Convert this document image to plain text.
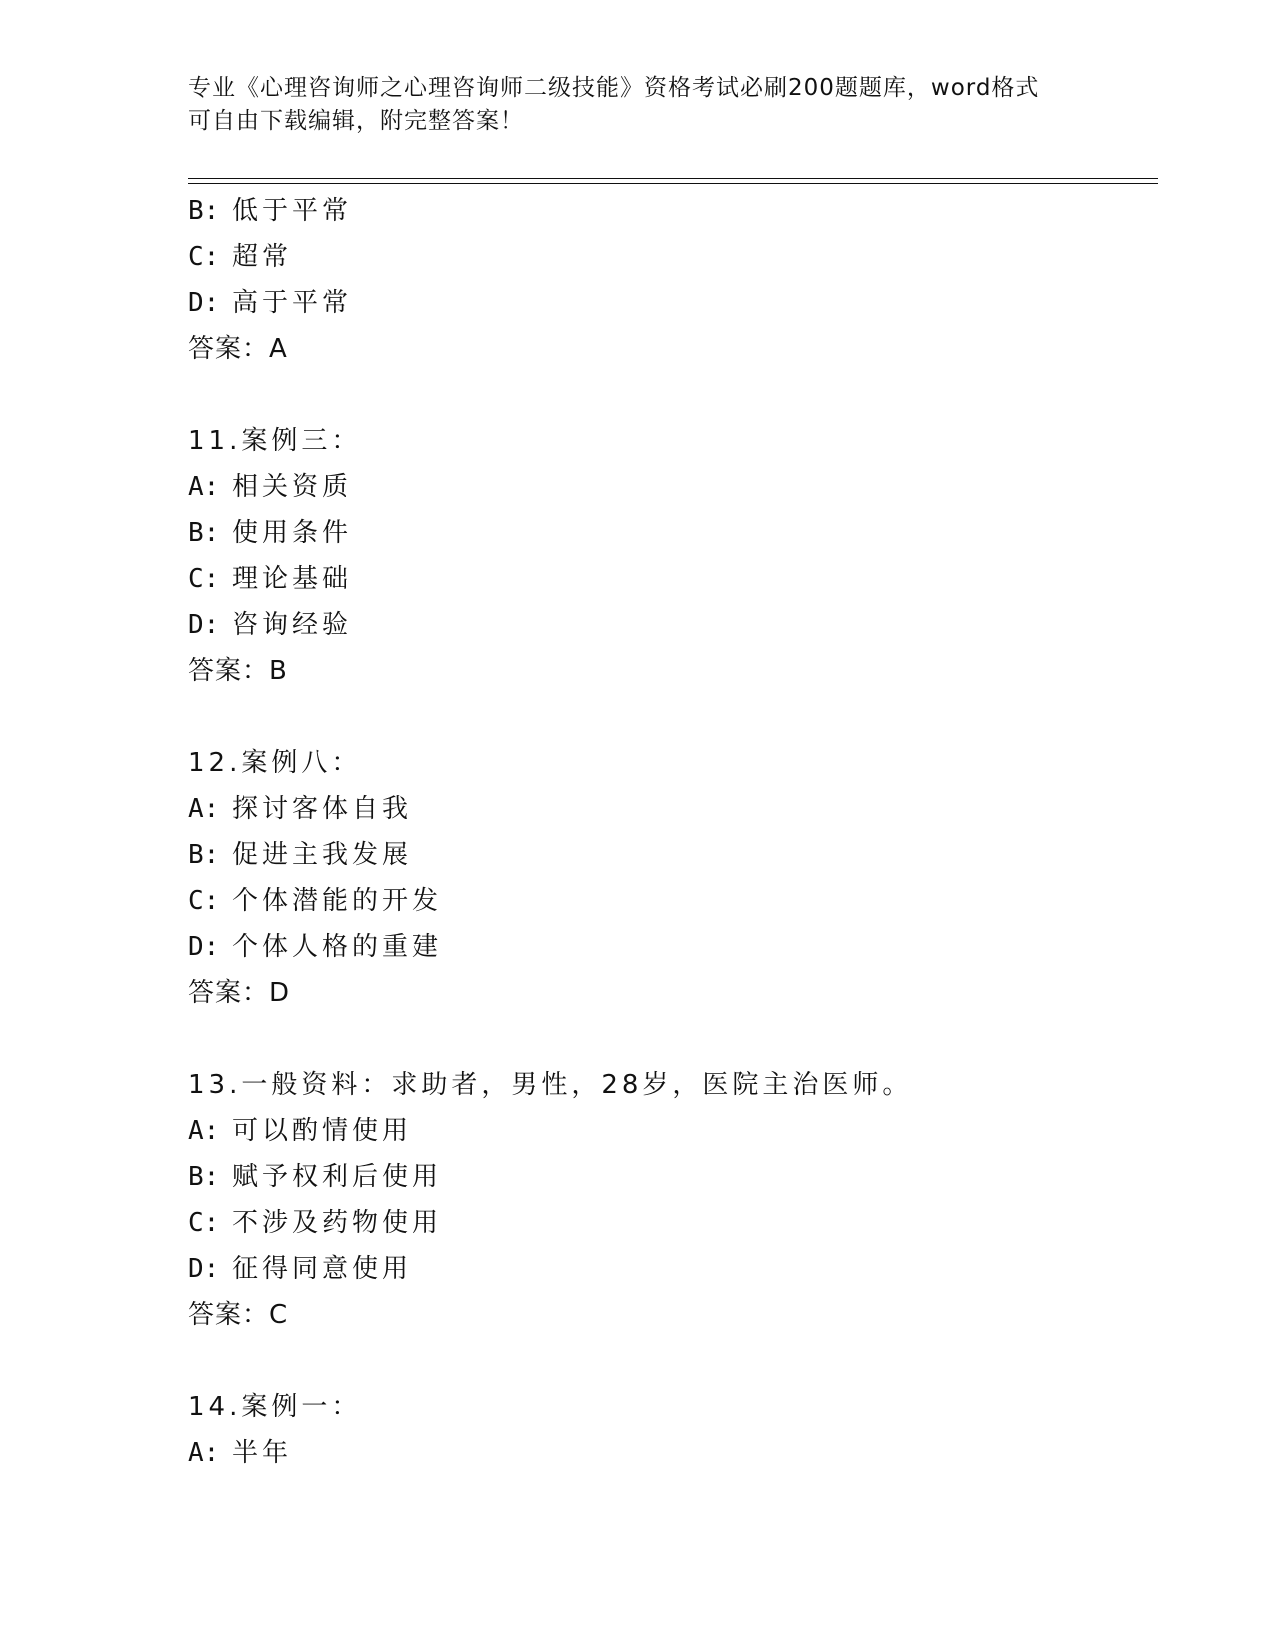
专业《心理咨询师之心理咨询师二级技能》资格考试必刷200题题库，word格式
可自由下载编辑，附完整答案！
B: 低于平常
C: 超常
D: 高于平常
答案：A
11.案例三：
A: 相关资质
B: 使用条件
C: 理论基础
D: 咨询经验
答案：B
12.案例八：
A: 探讨客体自我
B: 促进主我发展
C: 个体潜能的开发
D: 个体人格的重建
答案：D
13.一般资料：求助者，男性，28岁，医院主治医师。
A: 可以酌情使用
B: 赋予权利后使用
C: 不涉及药物使用
D: 征得同意使用
答案：C
14.案例一：
A: 半年
